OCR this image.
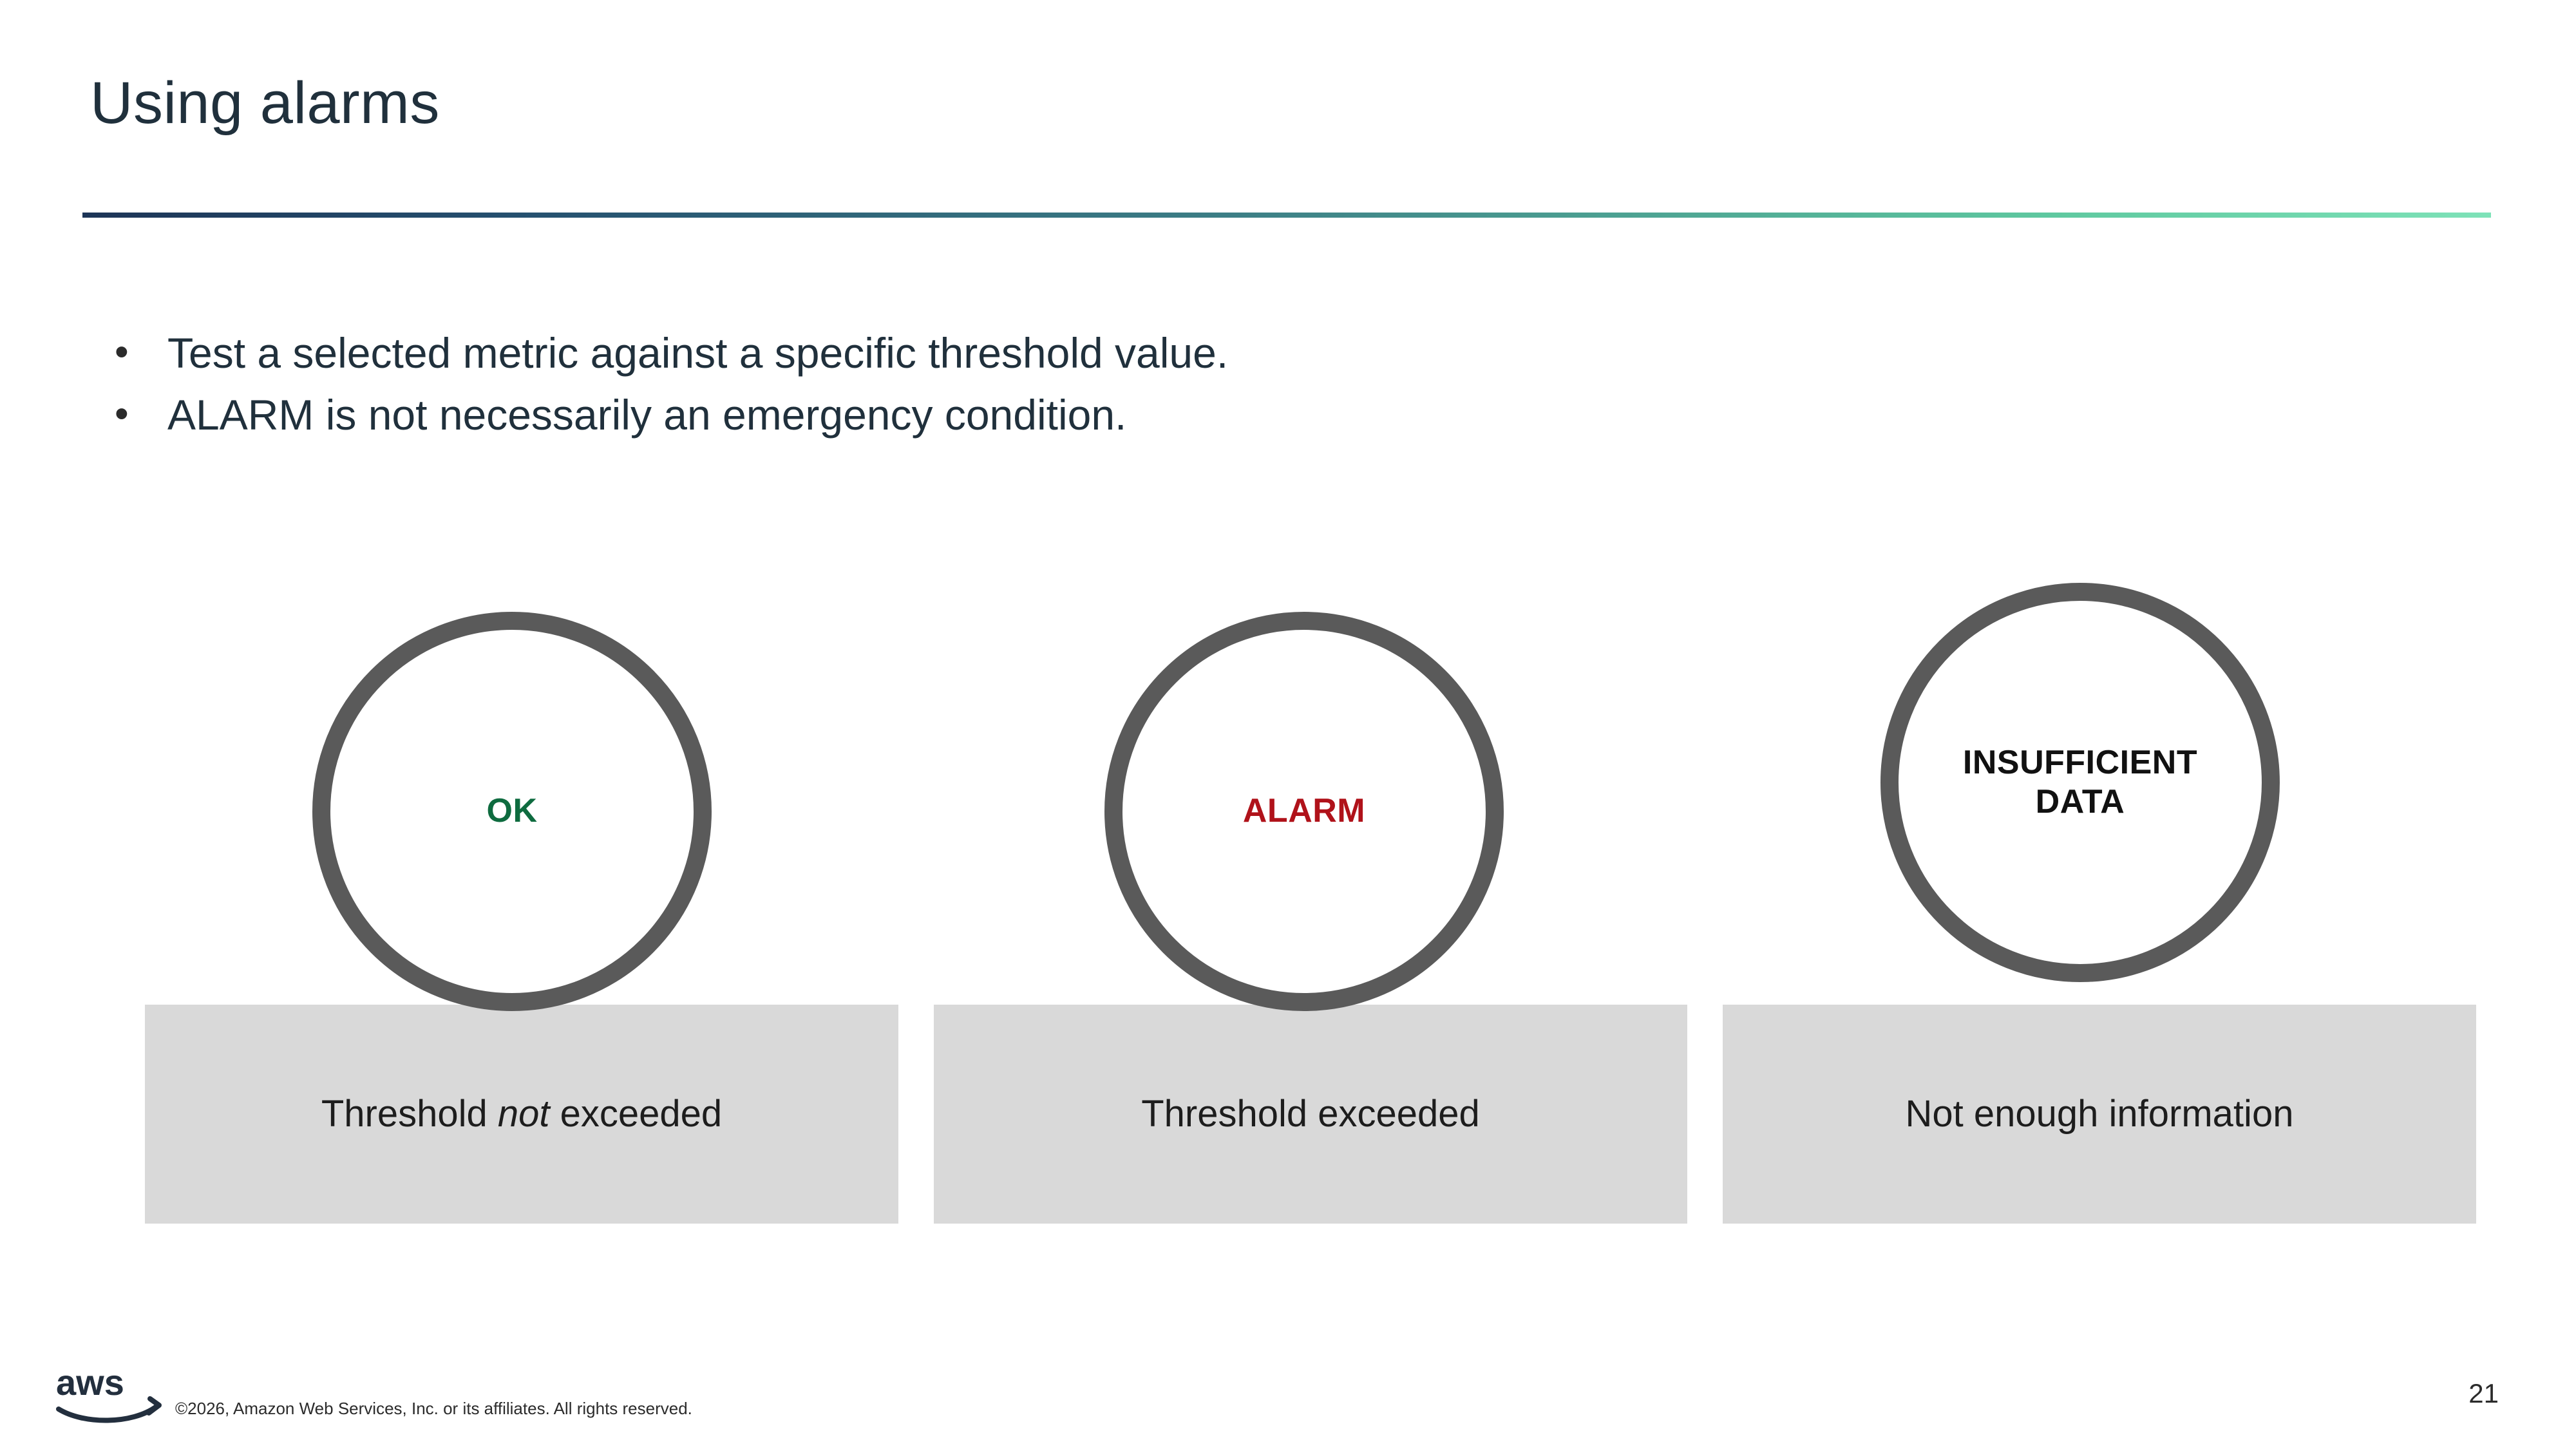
Using alarms
• Test a selected metric against a specific threshold value.
• ALARM is not necessarily an emergency condition.
Threshold not exceeded
OK
Threshold exceeded
ALARM
Not enough information
INSUFFICIENT
DATA
aws
©2026, Amazon Web Services, Inc. or its affiliates. All rights reserved.	21
